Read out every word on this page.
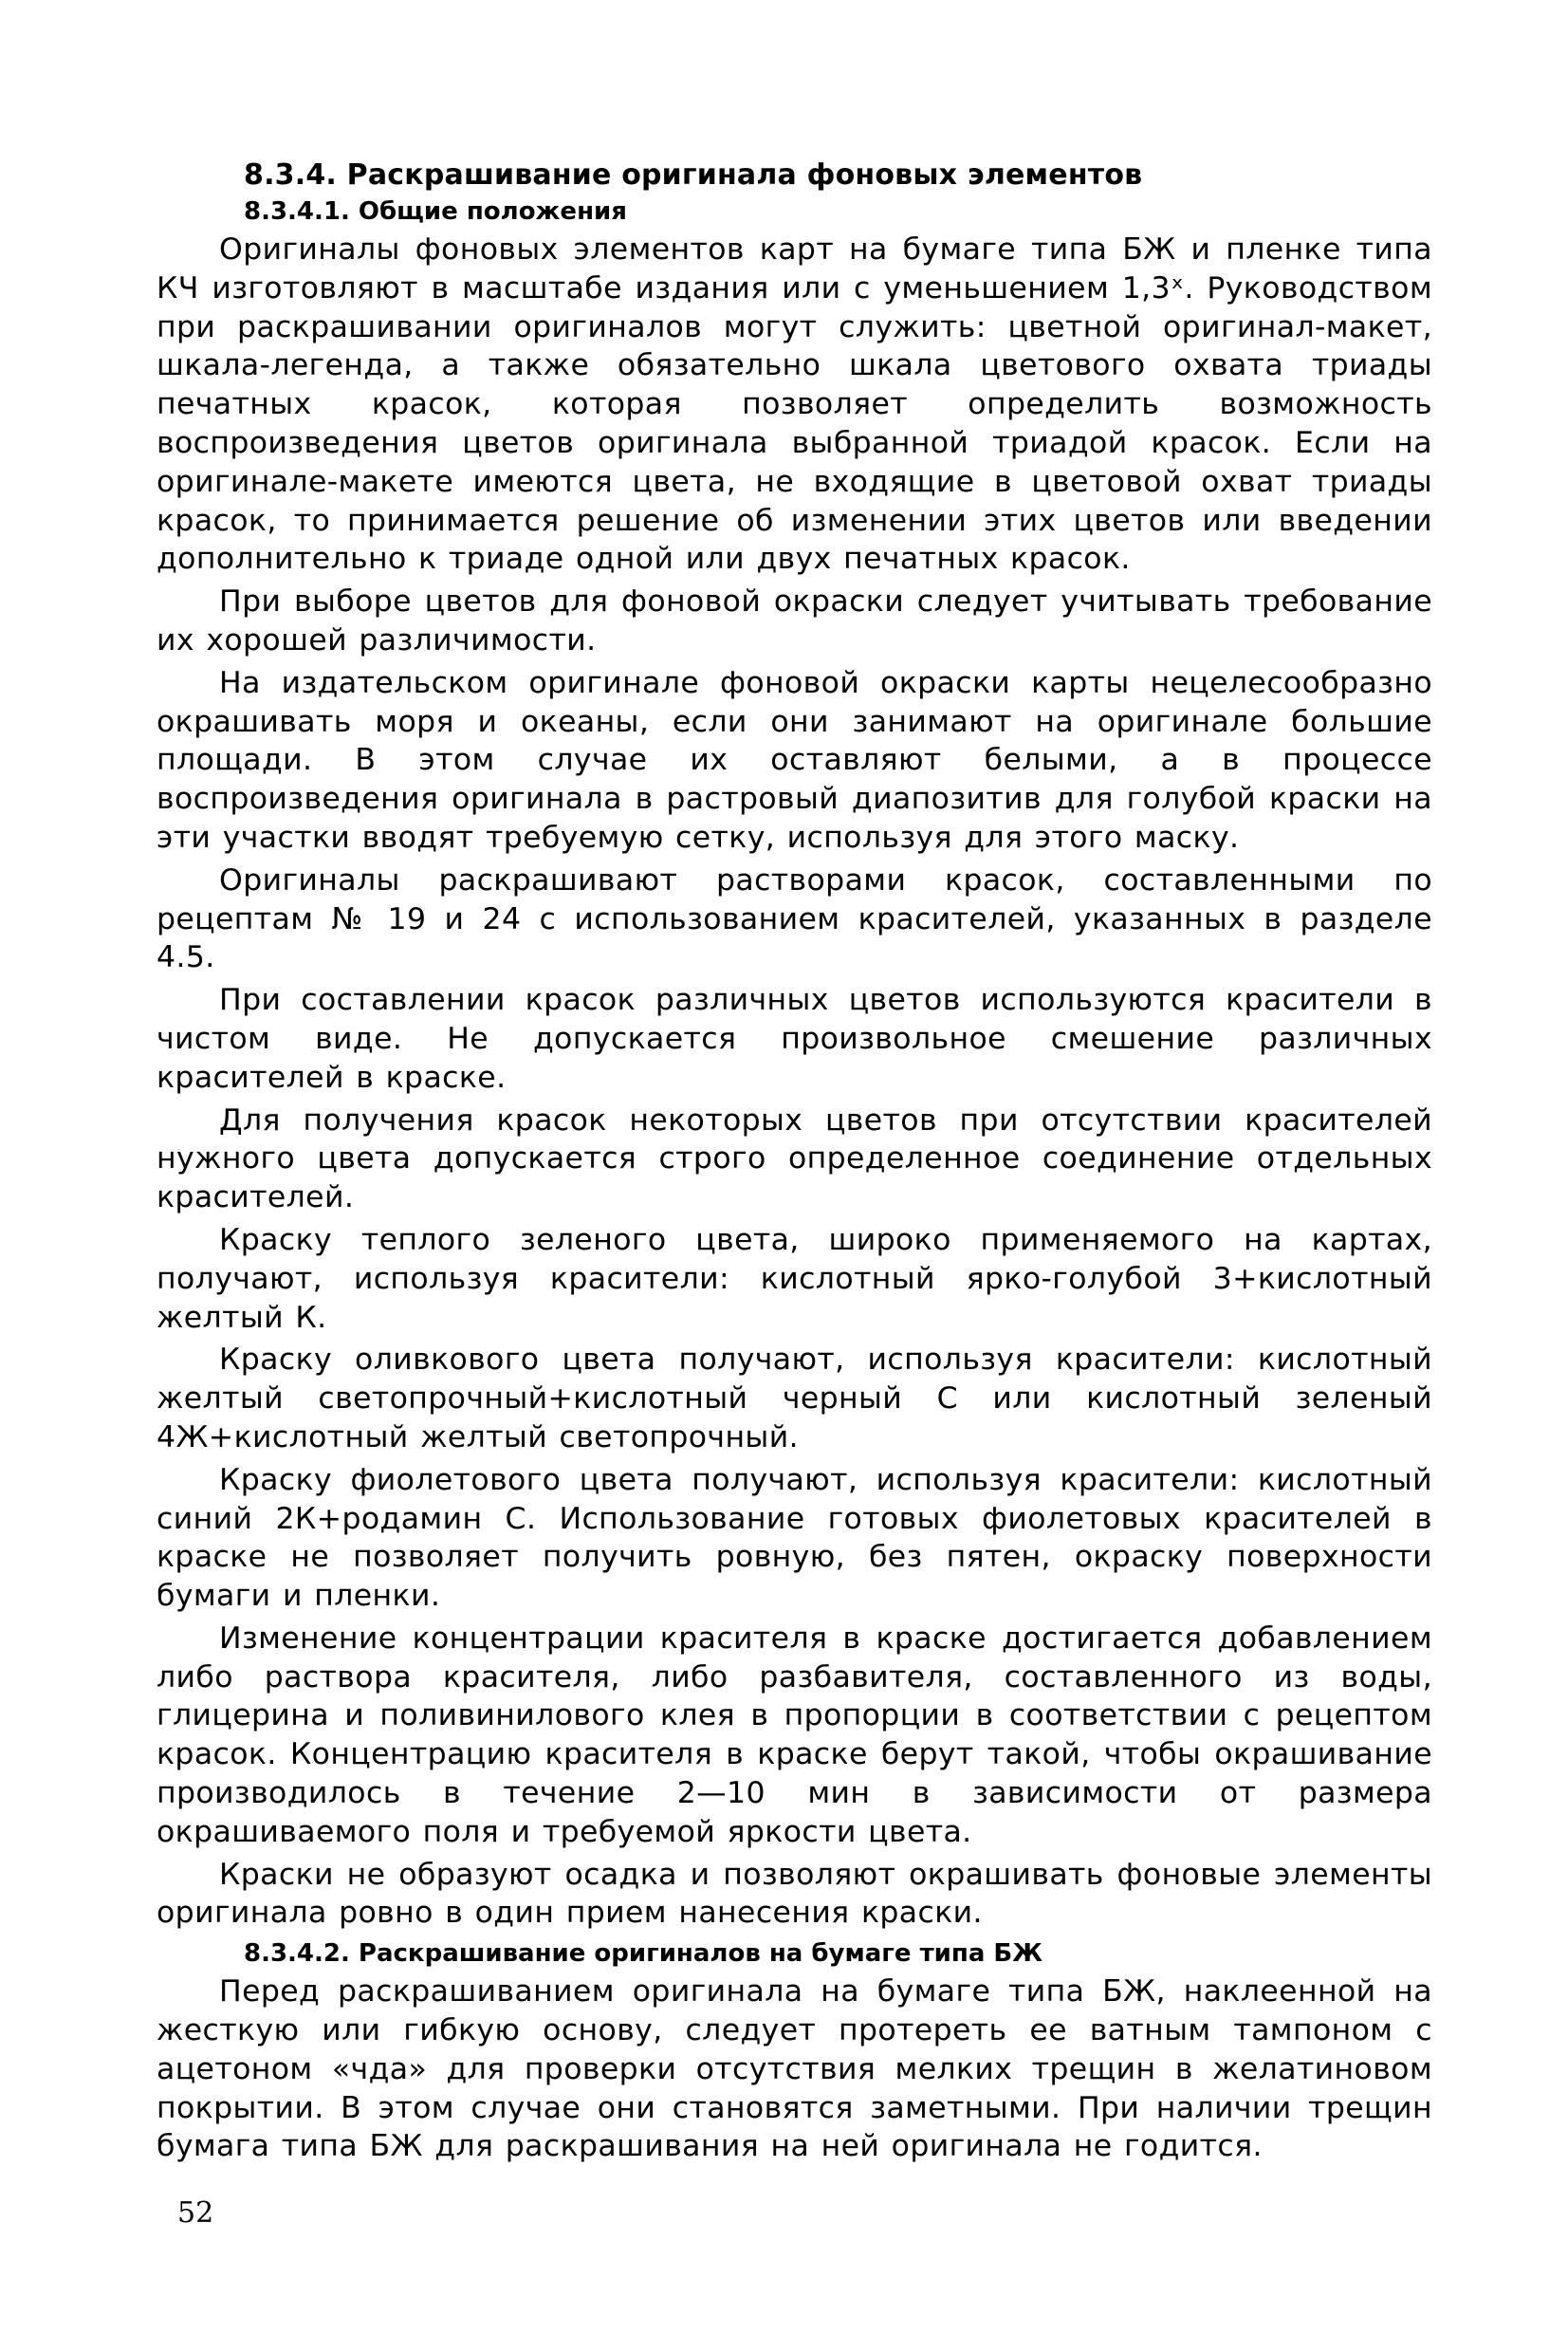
8.3.4. Раскрашивание оригинала фоновых элементов
8.3.4.1. Общие положения

Оригиналы фоновых элементов карт на бумаге типа БЖ и пленке типа КЧ изготовляют в масштабе издания или с уменьшением 1,3ˣ. Руководством при раскрашивании оригиналов могут служить: цветной оригинал-макет, шкала-легенда, а также обязательно шкала цветового охвата триады печатных красок, которая позволяет определить возможность воспроизведения цветов оригинала выбранной триадой красок. Если на оригинале-макете имеются цвета, не входящие в цветовой охват триады красок, то принимается решение об изменении этих цветов или введении дополнительно к триаде одной или двух печатных красок.

При выборе цветов для фоновой окраски следует учитывать требование их хорошей различимости.

На издательском оригинале фоновой окраски карты нецелесообразно окрашивать моря и океаны, если они занимают на оригинале большие площади. В этом случае их оставляют белыми, а в процессе воспроизведения оригинала в растровый диапозитив для голубой краски на эти участки вводят требуемую сетку, используя для этого маску.

Оригиналы раскрашивают растворами красок, составленными по рецептам № 19 и 24 с использованием красителей, указанных в разделе 4.5.

При составлении красок различных цветов используются красители в чистом виде. Не допускается произвольное смешение различных красителей в краске.

Для получения красок некоторых цветов при отсутствии красителей нужного цвета допускается строго определенное соединение отдельных красителей.

Краску теплого зеленого цвета, широко применяемого на картах, получают, используя красители: кислотный ярко-голубой 3+кислотный желтый К.

Краску оливкового цвета получают, используя красители: кислотный желтый светопрочный+кислотный черный С или кислотный зеленый 4Ж+кислотный желтый светопрочный.

Краску фиолетового цвета получают, используя красители: кислотный синий 2К+родамин С. Использование готовых фиолетовых красителей в краске не позволяет получить ровную, без пятен, окраску поверхности бумаги и пленки.

Изменение концентрации красителя в краске достигается добавлением либо раствора красителя, либо разбавителя, составленного из воды, глицерина и поливинилового клея в пропорции в соответствии с рецептом красок. Концентрацию красителя в краске берут такой, чтобы окрашивание производилось в течение 2—10 мин в зависимости от размера окрашиваемого поля и требуемой яркости цвета.

Краски не образуют осадка и позволяют окрашивать фоновые элементы оригинала ровно в один прием нанесения краски.

8.3.4.2. Раскрашивание оригиналов на бумаге типа БЖ

Перед раскрашиванием оригинала на бумаге типа БЖ, наклеенной на жесткую или гибкую основу, следует протереть ее ватным тампоном с ацетоном «чда» для проверки отсутствия мелких трещин в желатиновом покрытии. В этом случае они становятся заметными. При наличии трещин бумага типа БЖ для раскрашивания на ней оригинала не годится.

52
